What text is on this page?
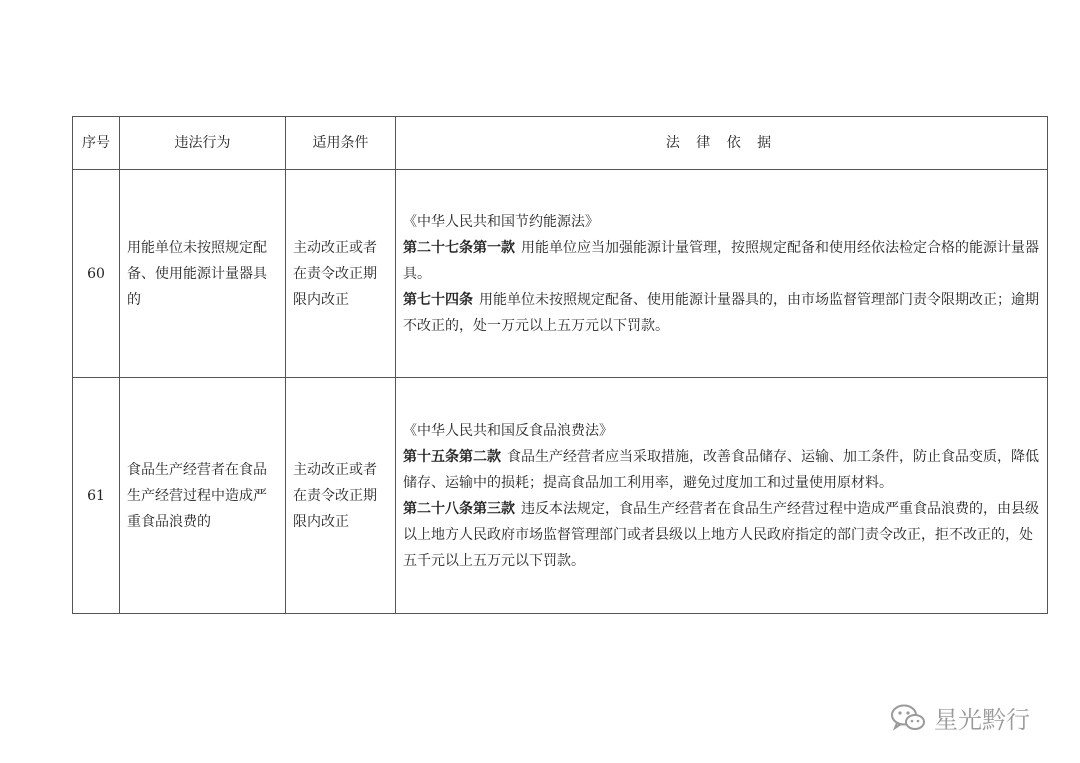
序号	违法行为	适用条件	法 律 依 据
60	用能单位未按照规定配备、使用能源计量器具的	主动改正或者在责令改正期限内改正	《中华人民共和国节约能源法》
第二十七条第一款 用能单位应当加强能源计量管理，按照规定配备和使用经依法检定合格的能源计量器具。
第七十四条 用能单位未按照规定配备、使用能源计量器具的，由市场监督管理部门责令限期改正；逾期不改正的，处一万元以上五万元以下罚款。

61	食品生产经营者在食品生产经营过程中造成严重食品浪费的	主动改正或者在责令改正期限内改正	《中华人民共和国反食品浪费法》
第十五条第二款 食品生产经营者应当采取措施，改善食品储存、运输、加工条件，防止食品变质，降低储存、运输中的损耗；提高食品加工利用率，避免过度加工和过量使用原材料。
第二十八条第三款 违反本法规定，食品生产经营者在食品生产经营过程中造成严重食品浪费的，由县级以上地方人民政府市场监督管理部门或者县级以上地方人民政府指定的部门责令改正，拒不改正的，处五千元以上五万元以下罚款。
星光黔行
